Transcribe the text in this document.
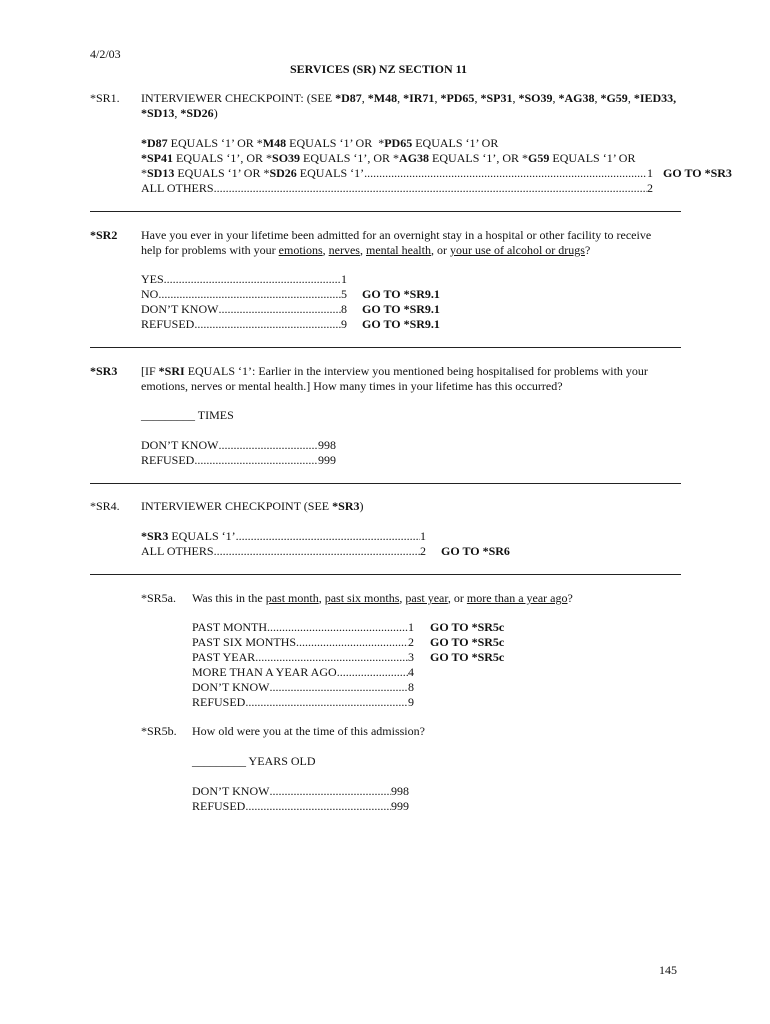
4/2/03
SERVICES (SR) NZ SECTION 11
*SR1. INTERVIEWER CHECKPOINT: (SEE *D87, *M48, *IR71, *PD65, *SP31, *SO39, *AG38, *G59, *IED33,
*SD13, *SD26)
*D87 EQUALS ‘1’ OR *M48 EQUALS ‘1’ OR  *PD65 EQUALS ‘1’ OR
*SP41 EQUALS ‘1’, OR *SO39 EQUALS ‘1’, OR *AG38 EQUALS ‘1’, OR *G59 EQUALS ‘1’ OR
*SD13 EQUALS ‘1’ OR *SD26 EQUALS ‘1’ .....	1 GO TO *SR3
ALL OTHERS .....	2
*SR2 Have you ever in your lifetime been admitted for an overnight stay in a hospital or other facility to receive
help for problems with your emotions, nerves, mental health, or your use of alcohol or drugs?
YES .....	1
NO .....	5 GO TO *SR9.1
DON’T KNOW .....	8 GO TO *SR9.1
REFUSED .....	9 GO TO *SR9.1
*SR3 [IF *SRI EQUALS ‘1’: Earlier in the interview you mentioned being hospitalised for problems with your
emotions, nerves or mental health.] How many times in your lifetime has this occurred?
_________ TIMES
DON’T KNOW .....	998
REFUSED .....	999
*SR4. INTERVIEWER CHECKPOINT (SEE *SR3)
*SR3 EQUALS ‘1’ .....	1
ALL OTHERS .....	2 GO TO *SR6
*SR5a. Was this in the past month, past six months, past year, or more than a year ago?
PAST MONTH .....	1 GO TO *SR5c
PAST SIX MONTHS .....	2 GO TO *SR5c
PAST YEAR .....	3 GO TO *SR5c
MORE THAN A YEAR AGO .....	4
DON’T KNOW .....	8
REFUSED .....	9
*SR5b. How old were you at the time of this admission?
_________ YEARS OLD
DON’T KNOW .....	998
REFUSED .....	999
145
